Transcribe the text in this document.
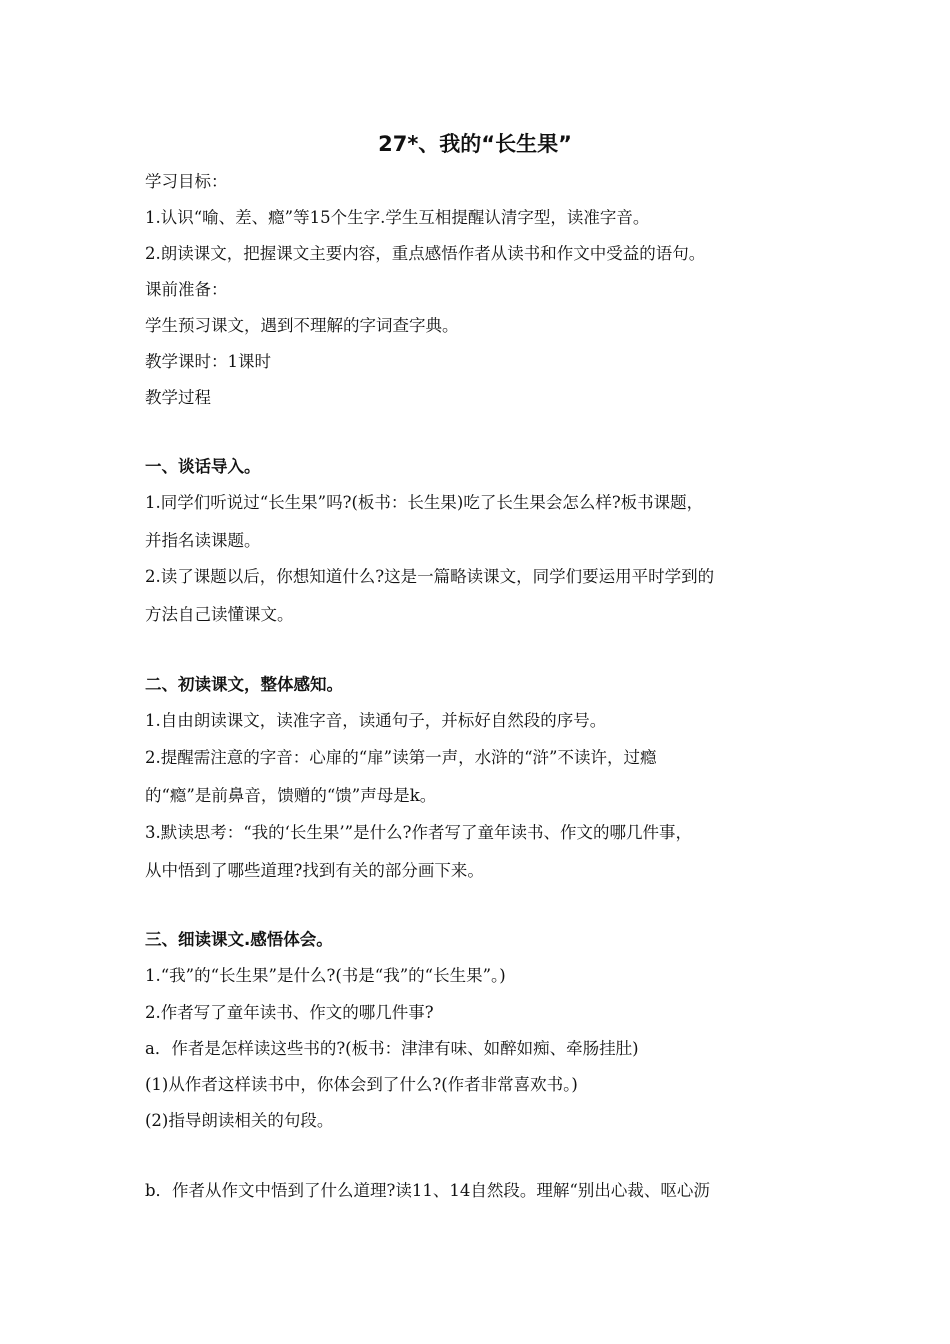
27*、我的“长生果”
学习目标：
1.认识“喻、差、瘾”等15个生字.学生互相提醒认清字型，读准字音。
2.朗读课文，把握课文主要内容，重点感悟作者从读书和作文中受益的语句。
课前准备：
学生预习课文，遇到不理解的字词查字典。
教学课时：1课时
教学过程
一、谈话导入。
1.同学们听说过“长生果”吗?(板书：长生果)吃了长生果会怎么样?板书课题，
并指名读课题。
2.读了课题以后，你想知道什么?这是一篇略读课文，同学们要运用平时学到的
方法自己读懂课文。
二、初读课文，整体感知。
1.自由朗读课文，读准字音，读通句子，并标好自然段的序号。
2.提醒需注意的字音：心扉的“扉”读第一声，水浒的“浒”不读许，过瘾
的“瘾”是前鼻音，馈赠的“馈”声母是k。
3.默读思考：“我的‘长生果’”是什么?作者写了童年读书、作文的哪几件事，
从中悟到了哪些道理?找到有关的部分画下来。
三、细读课文.感悟体会。
1.“我”的“长生果”是什么?(书是“我”的“长生果”。)
2.作者写了童年读书、作文的哪几件事?
a．作者是怎样读这些书的?(板书：津津有味、如醉如痴、牵肠挂肚)
(1)从作者这样读书中，你体会到了什么?(作者非常喜欢书。)
(2)指导朗读相关的句段。
b．作者从作文中悟到了什么道理?读11、14自然段。理解“别出心裁、呕心沥
